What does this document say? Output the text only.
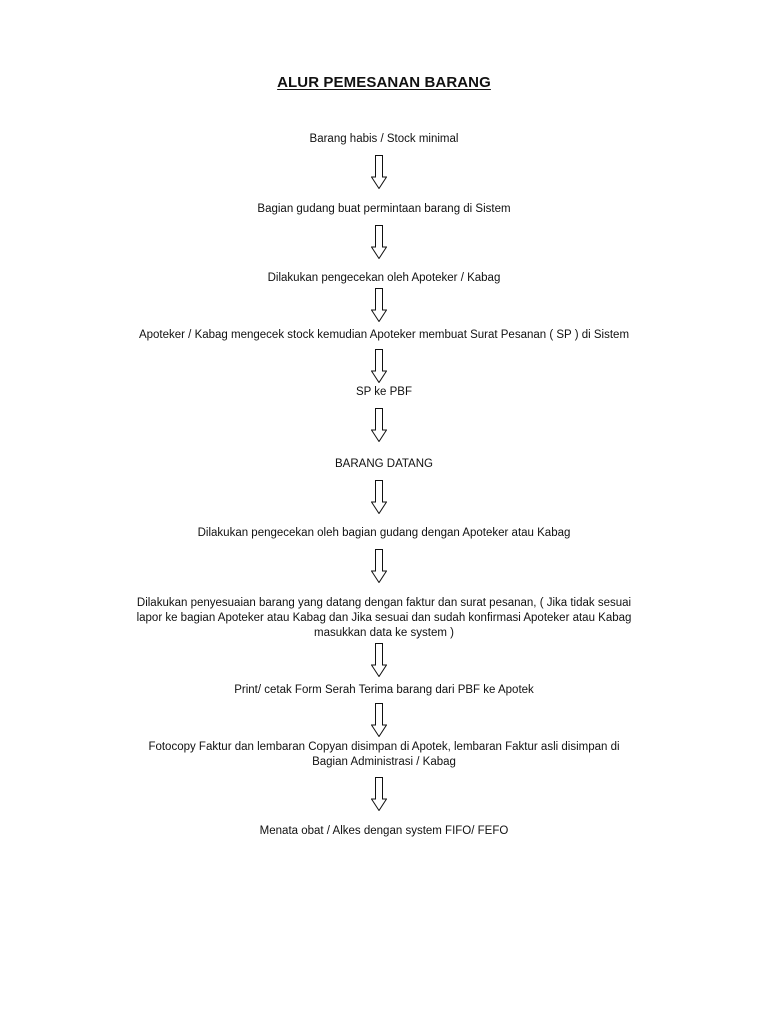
ALUR PEMESANAN BARANG
Barang habis / Stock minimal
Bagian gudang buat permintaan barang di Sistem
Dilakukan pengecekan oleh Apoteker / Kabag
Apoteker / Kabag mengecek stock kemudian Apoteker membuat Surat Pesanan ( SP ) di Sistem
SP ke PBF
BARANG DATANG
Dilakukan pengecekan oleh bagian gudang dengan Apoteker atau Kabag
Dilakukan penyesuaian barang yang datang dengan faktur dan surat pesanan, ( Jika tidak sesuai
lapor ke bagian Apoteker atau Kabag dan Jika sesuai dan sudah konfirmasi Apoteker atau Kabag
masukkan data ke system )
Print/ cetak Form Serah Terima barang dari PBF ke Apotek
Fotocopy Faktur dan lembaran Copyan disimpan di Apotek, lembaran Faktur asli disimpan di
Bagian Administrasi / Kabag
Menata obat / Alkes dengan system FIFO/ FEFO
